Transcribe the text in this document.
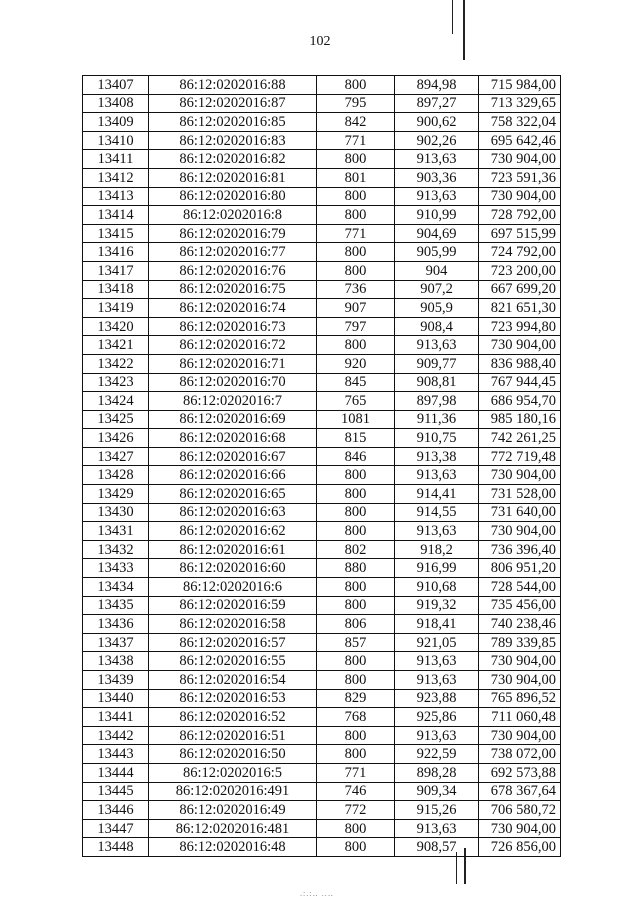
102
13407	86:12:0202016:88	800	894,98	715 984,00
13408	86:12:0202016:87	795	897,27	713 329,65
13409	86:12:0202016:85	842	900,62	758 322,04
13410	86:12:0202016:83	771	902,26	695 642,46
13411	86:12:0202016:82	800	913,63	730 904,00
13412	86:12:0202016:81	801	903,36	723 591,36
13413	86:12:0202016:80	800	913,63	730 904,00
13414	86:12:0202016:8	800	910,99	728 792,00
13415	86:12:0202016:79	771	904,69	697 515,99
13416	86:12:0202016:77	800	905,99	724 792,00
13417	86:12:0202016:76	800	904	723 200,00
13418	86:12:0202016:75	736	907,2	667 699,20
13419	86:12:0202016:74	907	905,9	821 651,30
13420	86:12:0202016:73	797	908,4	723 994,80
13421	86:12:0202016:72	800	913,63	730 904,00
13422	86:12:0202016:71	920	909,77	836 988,40
13423	86:12:0202016:70	845	908,81	767 944,45
13424	86:12:0202016:7	765	897,98	686 954,70
13425	86:12:0202016:69	1081	911,36	985 180,16
13426	86:12:0202016:68	815	910,75	742 261,25
13427	86:12:0202016:67	846	913,38	772 719,48
13428	86:12:0202016:66	800	913,63	730 904,00
13429	86:12:0202016:65	800	914,41	731 528,00
13430	86:12:0202016:63	800	914,55	731 640,00
13431	86:12:0202016:62	800	913,63	730 904,00
13432	86:12:0202016:61	802	918,2	736 396,40
13433	86:12:0202016:60	880	916,99	806 951,20
13434	86:12:0202016:6	800	910,68	728 544,00
13435	86:12:0202016:59	800	919,32	735 456,00
13436	86:12:0202016:58	806	918,41	740 238,46
13437	86:12:0202016:57	857	921,05	789 339,85
13438	86:12:0202016:55	800	913,63	730 904,00
13439	86:12:0202016:54	800	913,63	730 904,00
13440	86:12:0202016:53	829	923,88	765 896,52
13441	86:12:0202016:52	768	925,86	711 060,48
13442	86:12:0202016:51	800	913,63	730 904,00
13443	86:12:0202016:50	800	922,59	738 072,00
13444	86:12:0202016:5	771	898,28	692 573,88
13445	86:12:0202016:491	746	909,34	678 367,64
13446	86:12:0202016:49	772	915,26	706 580,72
13447	86:12:0202016:481	800	913,63	730 904,00
13448	86:12:0202016:48	800	908,57	726 856,00
.:.:‥ ..‥
